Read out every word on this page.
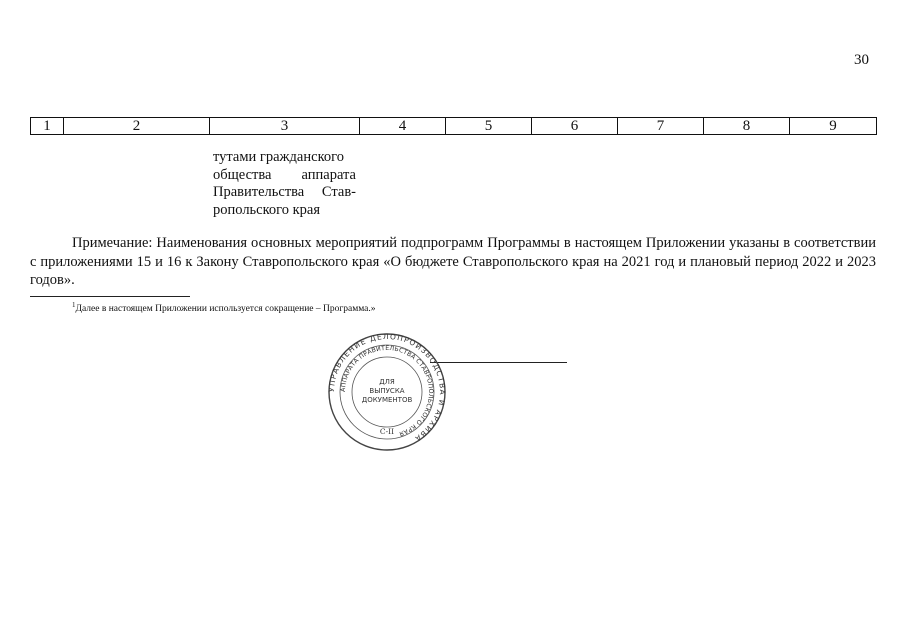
30
1	2	3	4	5	6	7	8	9
тутами гражданского
общества аппарата
Правительства Став-
ропольского края
Примечание: Наименования основных мероприятий подпрограмм Программы в настоящем Приложении указаны в соответствии с приложениями 15 и 16 к Закону Ставропольского края «О бюджете Ставропольского края на 2021 год и плановый период 2022 и 2023 годов».
$^1$Далее в настоящем Приложении используется сокращение – Программа.»
УПРАВЛЕНИЕ ДЕЛОПРОИЗВОДСТВА И АРХИВА
АППАРАТА ПРАВИТЕЛЬСТВА СТАВРОПОЛЬСКОГО КРАЯ
ДЛЯ
ВЫПУСКА
ДОКУМЕНТОВ
С-II
